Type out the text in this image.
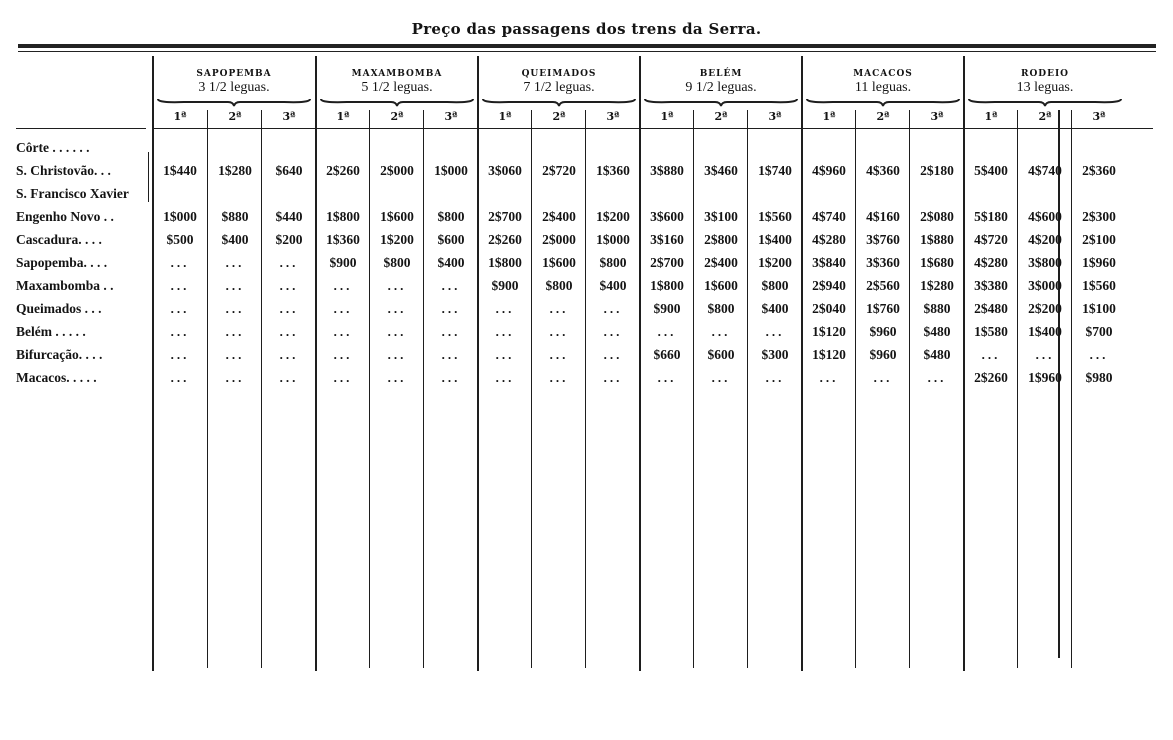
Preço das passagens dos trens da Serra.
SAPOPEMBA
3 1/2 leguas.
MAXAMBOMBA
5 1/2 leguas.
QUEIMADOS
7 1/2 leguas.
BELÉM
9 1/2 leguas.
MACACOS
11 leguas.
RODEIO
13 leguas.
1ª	2ª	3ª	1ª	2ª	3ª	1ª	2ª	3ª	1ª	2ª	3ª	1ª	2ª	3ª	1ª	2ª	3ª
Côrte . . . . . .
S. Christovão. . .	1$440	1$280	$640	2$260	2$000	1$000	3$060	2$720	1$360	3$880	3$460	1$740	4$960	4$360	2$180	5$400	4$740	2$360
S. Francisco Xavier
Engenho Novo . .	1$000	$880	$440	1$800	1$600	$800	2$700	2$400	1$200	3$600	3$100	1$560	4$740	4$160	2$080	5$180	4$600	2$300
Cascadura. . . .	$500	$400	$200	1$360	1$200	$600	2$260	2$000	1$000	3$160	2$800	1$400	4$280	3$760	1$880	4$720	4$200	2$100
Sapopemba. . . .	...	...	...	$900	$800	$400	1$800	1$600	$800	2$700	2$400	1$200	3$840	3$360	1$680	4$280	3$800	1$960
Maxambomba . .	...	...	...	...	...	...	$900	$800	$400	1$800	1$600	$800	2$940	2$560	1$280	3$380	3$000	1$560
Queimados . . .	...	...	...	...	...	...	...	...	...	$900	$800	$400	2$040	1$760	$880	2$480	2$200	1$100
Belém . . . . .	...	...	...	...	...	...	...	...	...	...	...	...	1$120	$960	$480	1$580	1$400	$700
Bifurcação. . . .	...	...	...	...	...	...	...	...	...	$660	$600	$300	1$120	$960	$480	...	...	...
Macacos. . . . .	...	...	...	...	...	...	...	...	...	...	...	...	...	...	...	2$260	1$960	$980
